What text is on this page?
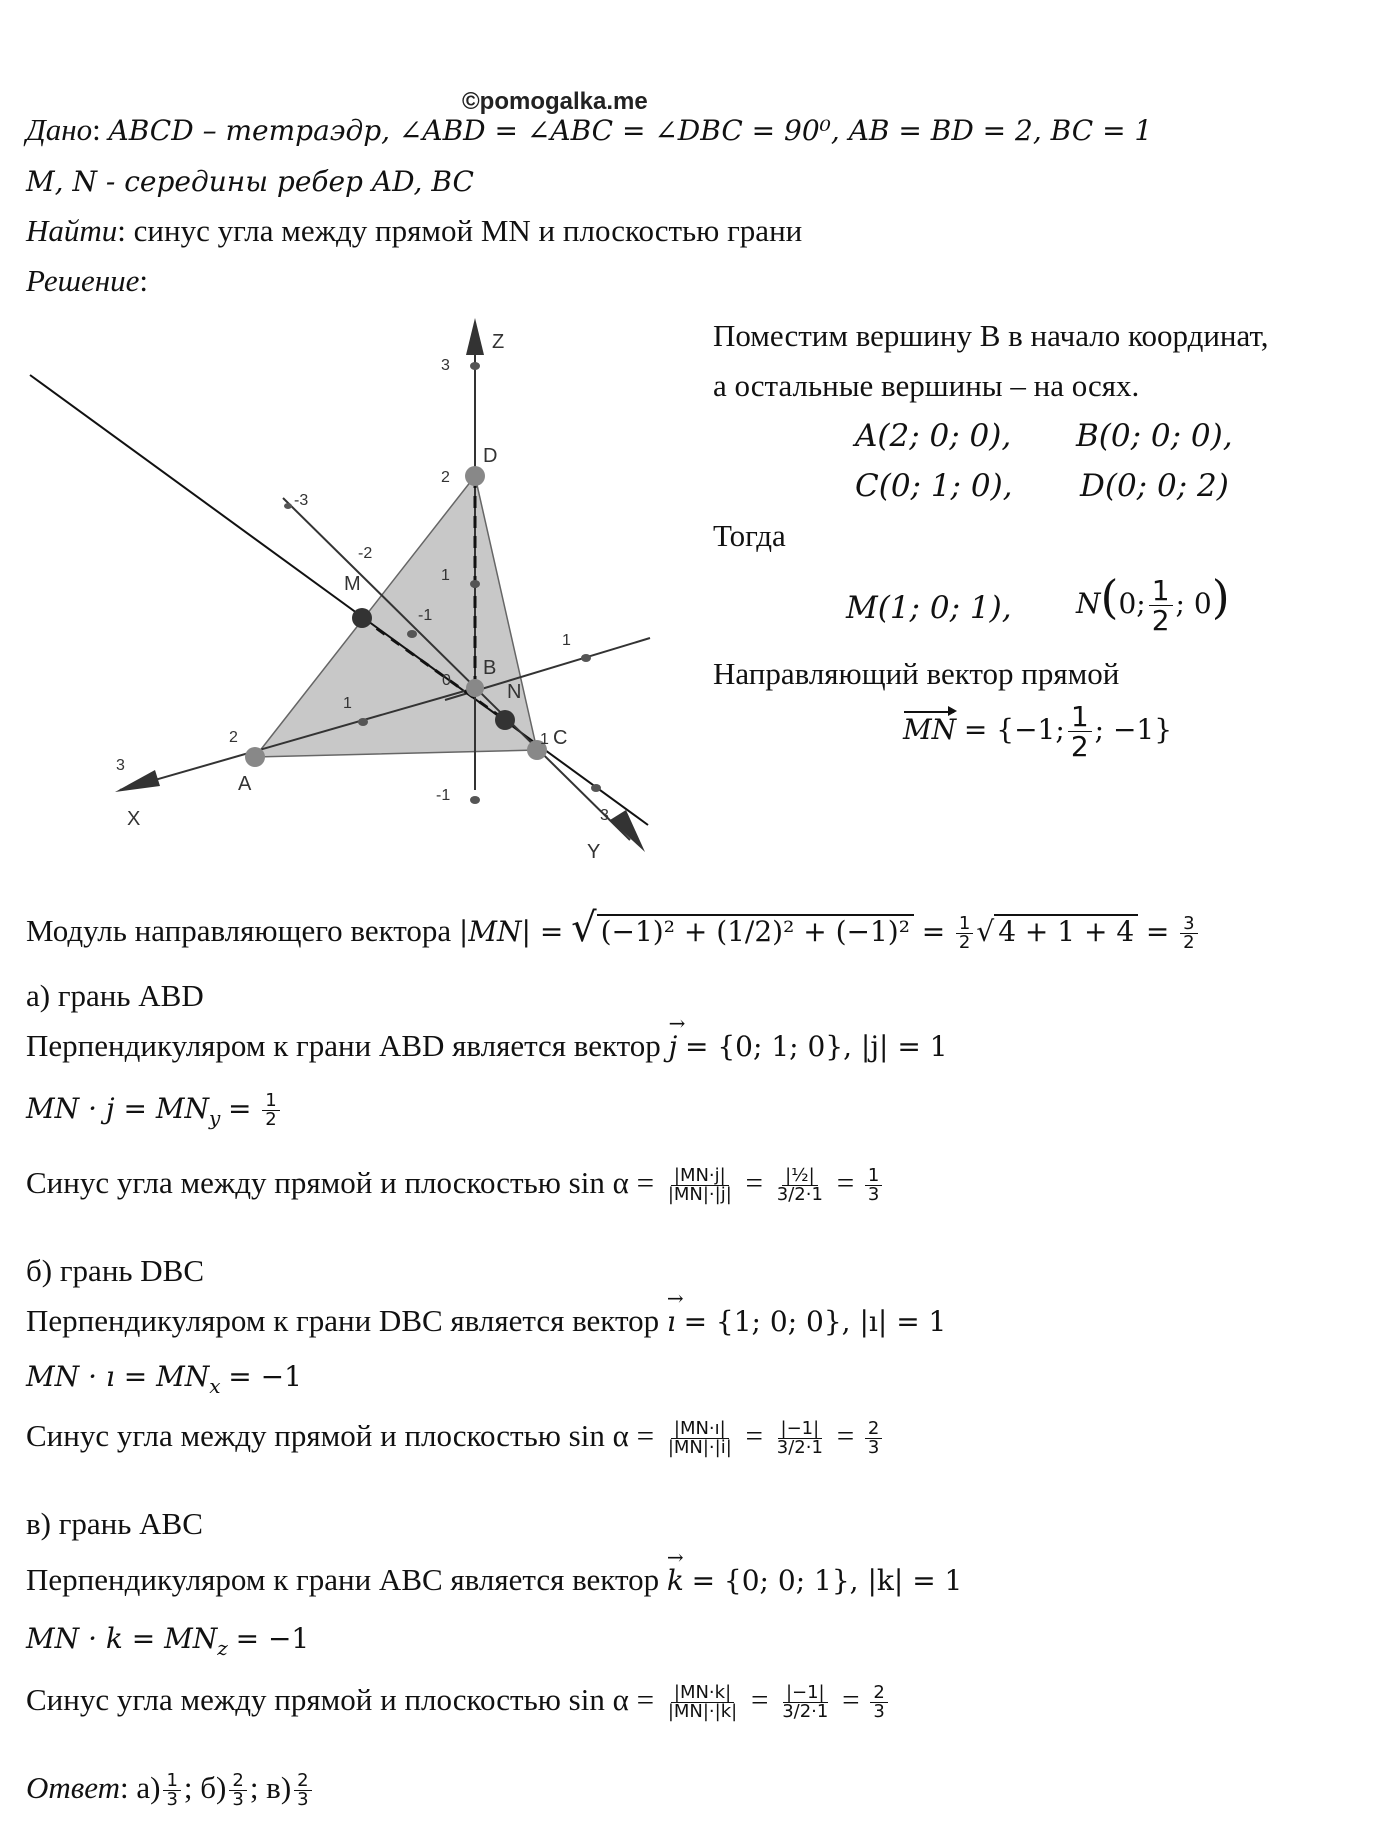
©pomogalka.me
Дано: ABCD – тетраэдр, ∠ABD = ∠ABC = ∠DBC = 90⁰, AB = BD = 2, BC = 1
M, N - середины ребер AD, BC
Найти: синус угла между прямой MN и плоскостью грани
Решение:
Z
X
Y
3
2
1
-1
3
2
1
-3
-2
-1
1
3
D
M
B
0
N
A
1 C
Поместим вершину B в начало координат,
а остальные вершины – на осях.
A(2; 0; 0), B(0; 0; 0),
C(0; 1; 0), D(0; 0; 2)
Тогда
M(1; 0; 1), N(0; $\frac{1}{2}$ ; 0)
Направляющий вектор прямой
MN = {−1; $\frac{1}{2}$ ; −1}
Модуль направляющего вектора |MN| = √ $(-1)^2 + (1/2)^2 + (-1)^2 = \frac{1}{2}$ √ $4 + 1 + 4 = \frac{3}{2}$
а) грань ABD
Перпендикуляром к грани ABD является вектор j → = {0; 1; 0}, |j| = 1
MN · $j = MN_y = \frac{1}{2}$
Синус угла между прямой и плоскостью $\sin \alpha = \frac{|MN\cdot j|}{|MN|\cdot|j|} = \frac{\text{|½|}}{3/2\cdot 1} = \frac{1}{3}$
б) грань DBC
Перпендикуляром к грани DBC является вектор ı → = {1; 0; 0}, |ı| = 1
MN · ı = $MN_x = -1$
Синус угла между прямой и плоскостью $\sin \alpha = \frac{|MN\cdot ı|}{|MN|\cdot|i|} = \frac{|-1|}{3/2\cdot 1} = \frac{2}{3}$
в) грань ABC
Перпендикуляром к грани ABC является вектор k → = {0; 0; 1}, |k| = 1
MN · $k = MN_z = -1$
Синус угла между прямой и плоскостью $\sin \alpha = \frac{|MN\cdot k|}{|MN|\cdot|k|} = \frac{|-1|}{3/2\cdot 1} = \frac{2}{3}$
Ответ: $а) \frac{1}{3}$ ; $б) \frac{2}{3}$ ; $в) \frac{2}{3}$
